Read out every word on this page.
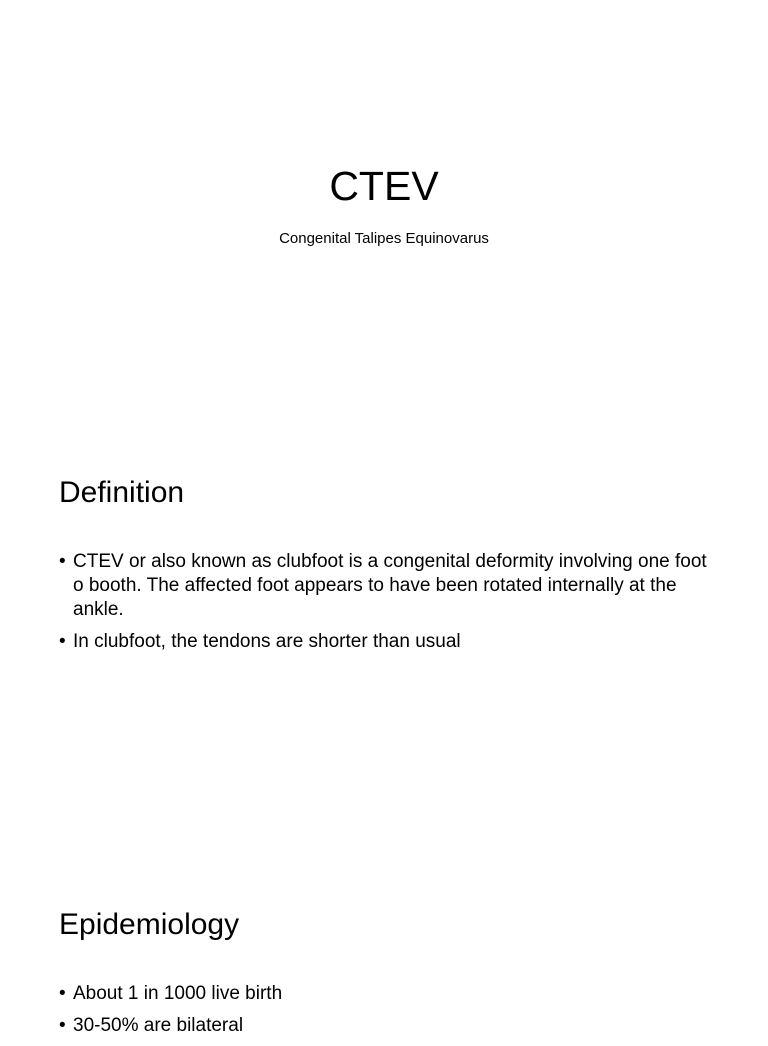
CTEV

Congenital Talipes Equinovarus

Definition
• CTEV or also known as clubfoot is a congenital deformity involving one foot o booth. The affected foot appears to have been rotated internally at the ankle.
• In clubfoot, the tendons are shorter than usual
Epidemiology
• About 1 in 1000 live birth
• 30-50% are bilateral
